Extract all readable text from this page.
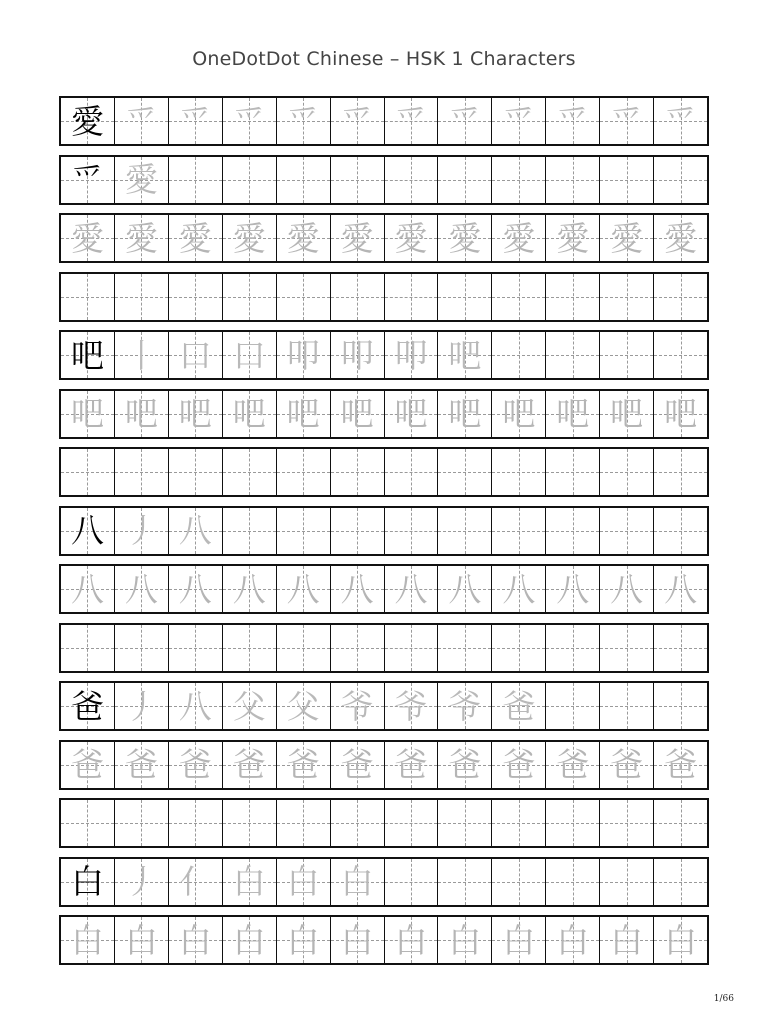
OneDotDot Chinese – HSK 1 Characters
愛 爫 爫 爫 爫 爫 爫 爫 爫 爫 爫 爫
爫 愛
愛 愛 愛 愛 愛 愛 愛 愛 愛 愛 愛 愛
吧 丨 口 口 叩 叩 叩 吧
吧 吧 吧 吧 吧 吧 吧 吧 吧 吧 吧 吧
八 丿 八
八 八 八 八 八 八 八 八 八 八 八 八
爸 丿 八 父 父 爷 爷 爷 爸
爸 爸 爸 爸 爸 爸 爸 爸 爸 爸 爸 爸
白 丿 亻 白 白 白
白 白 白 白 白 白 白 白 白 白 白 白
1/66
